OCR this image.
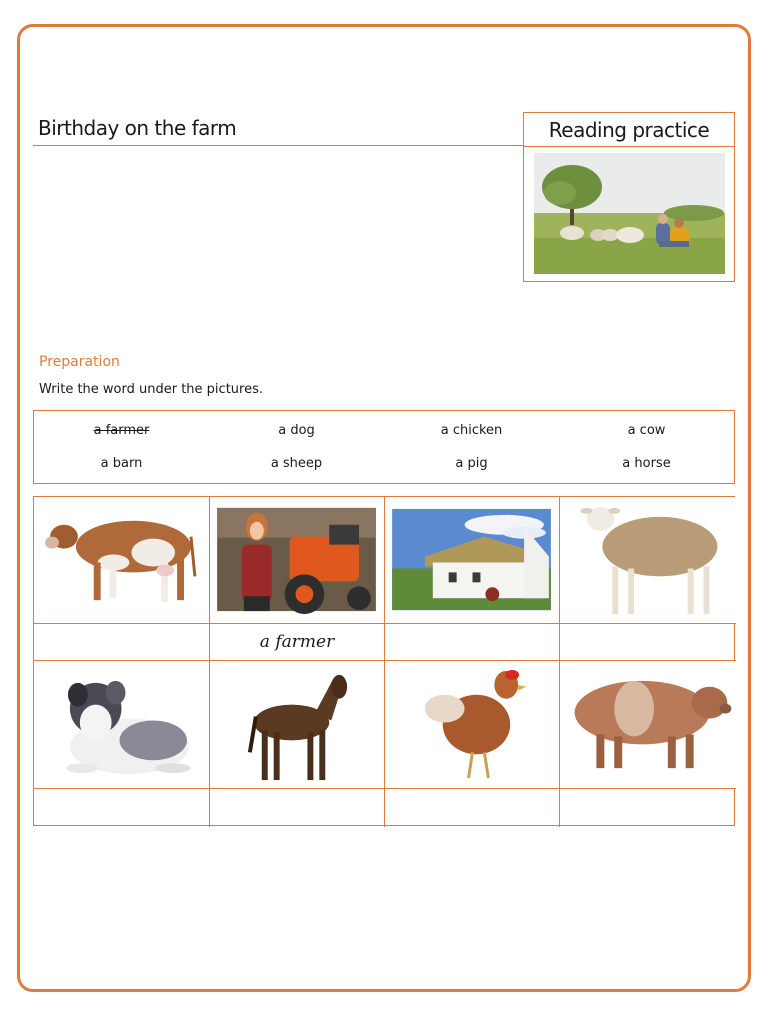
Birthday on the farm	Reading practice
Preparation
Write the word under the pictures.
a farmer	a dog	a chicken	a cow
a barn	a sheep	a pig	a horse
a farmer
